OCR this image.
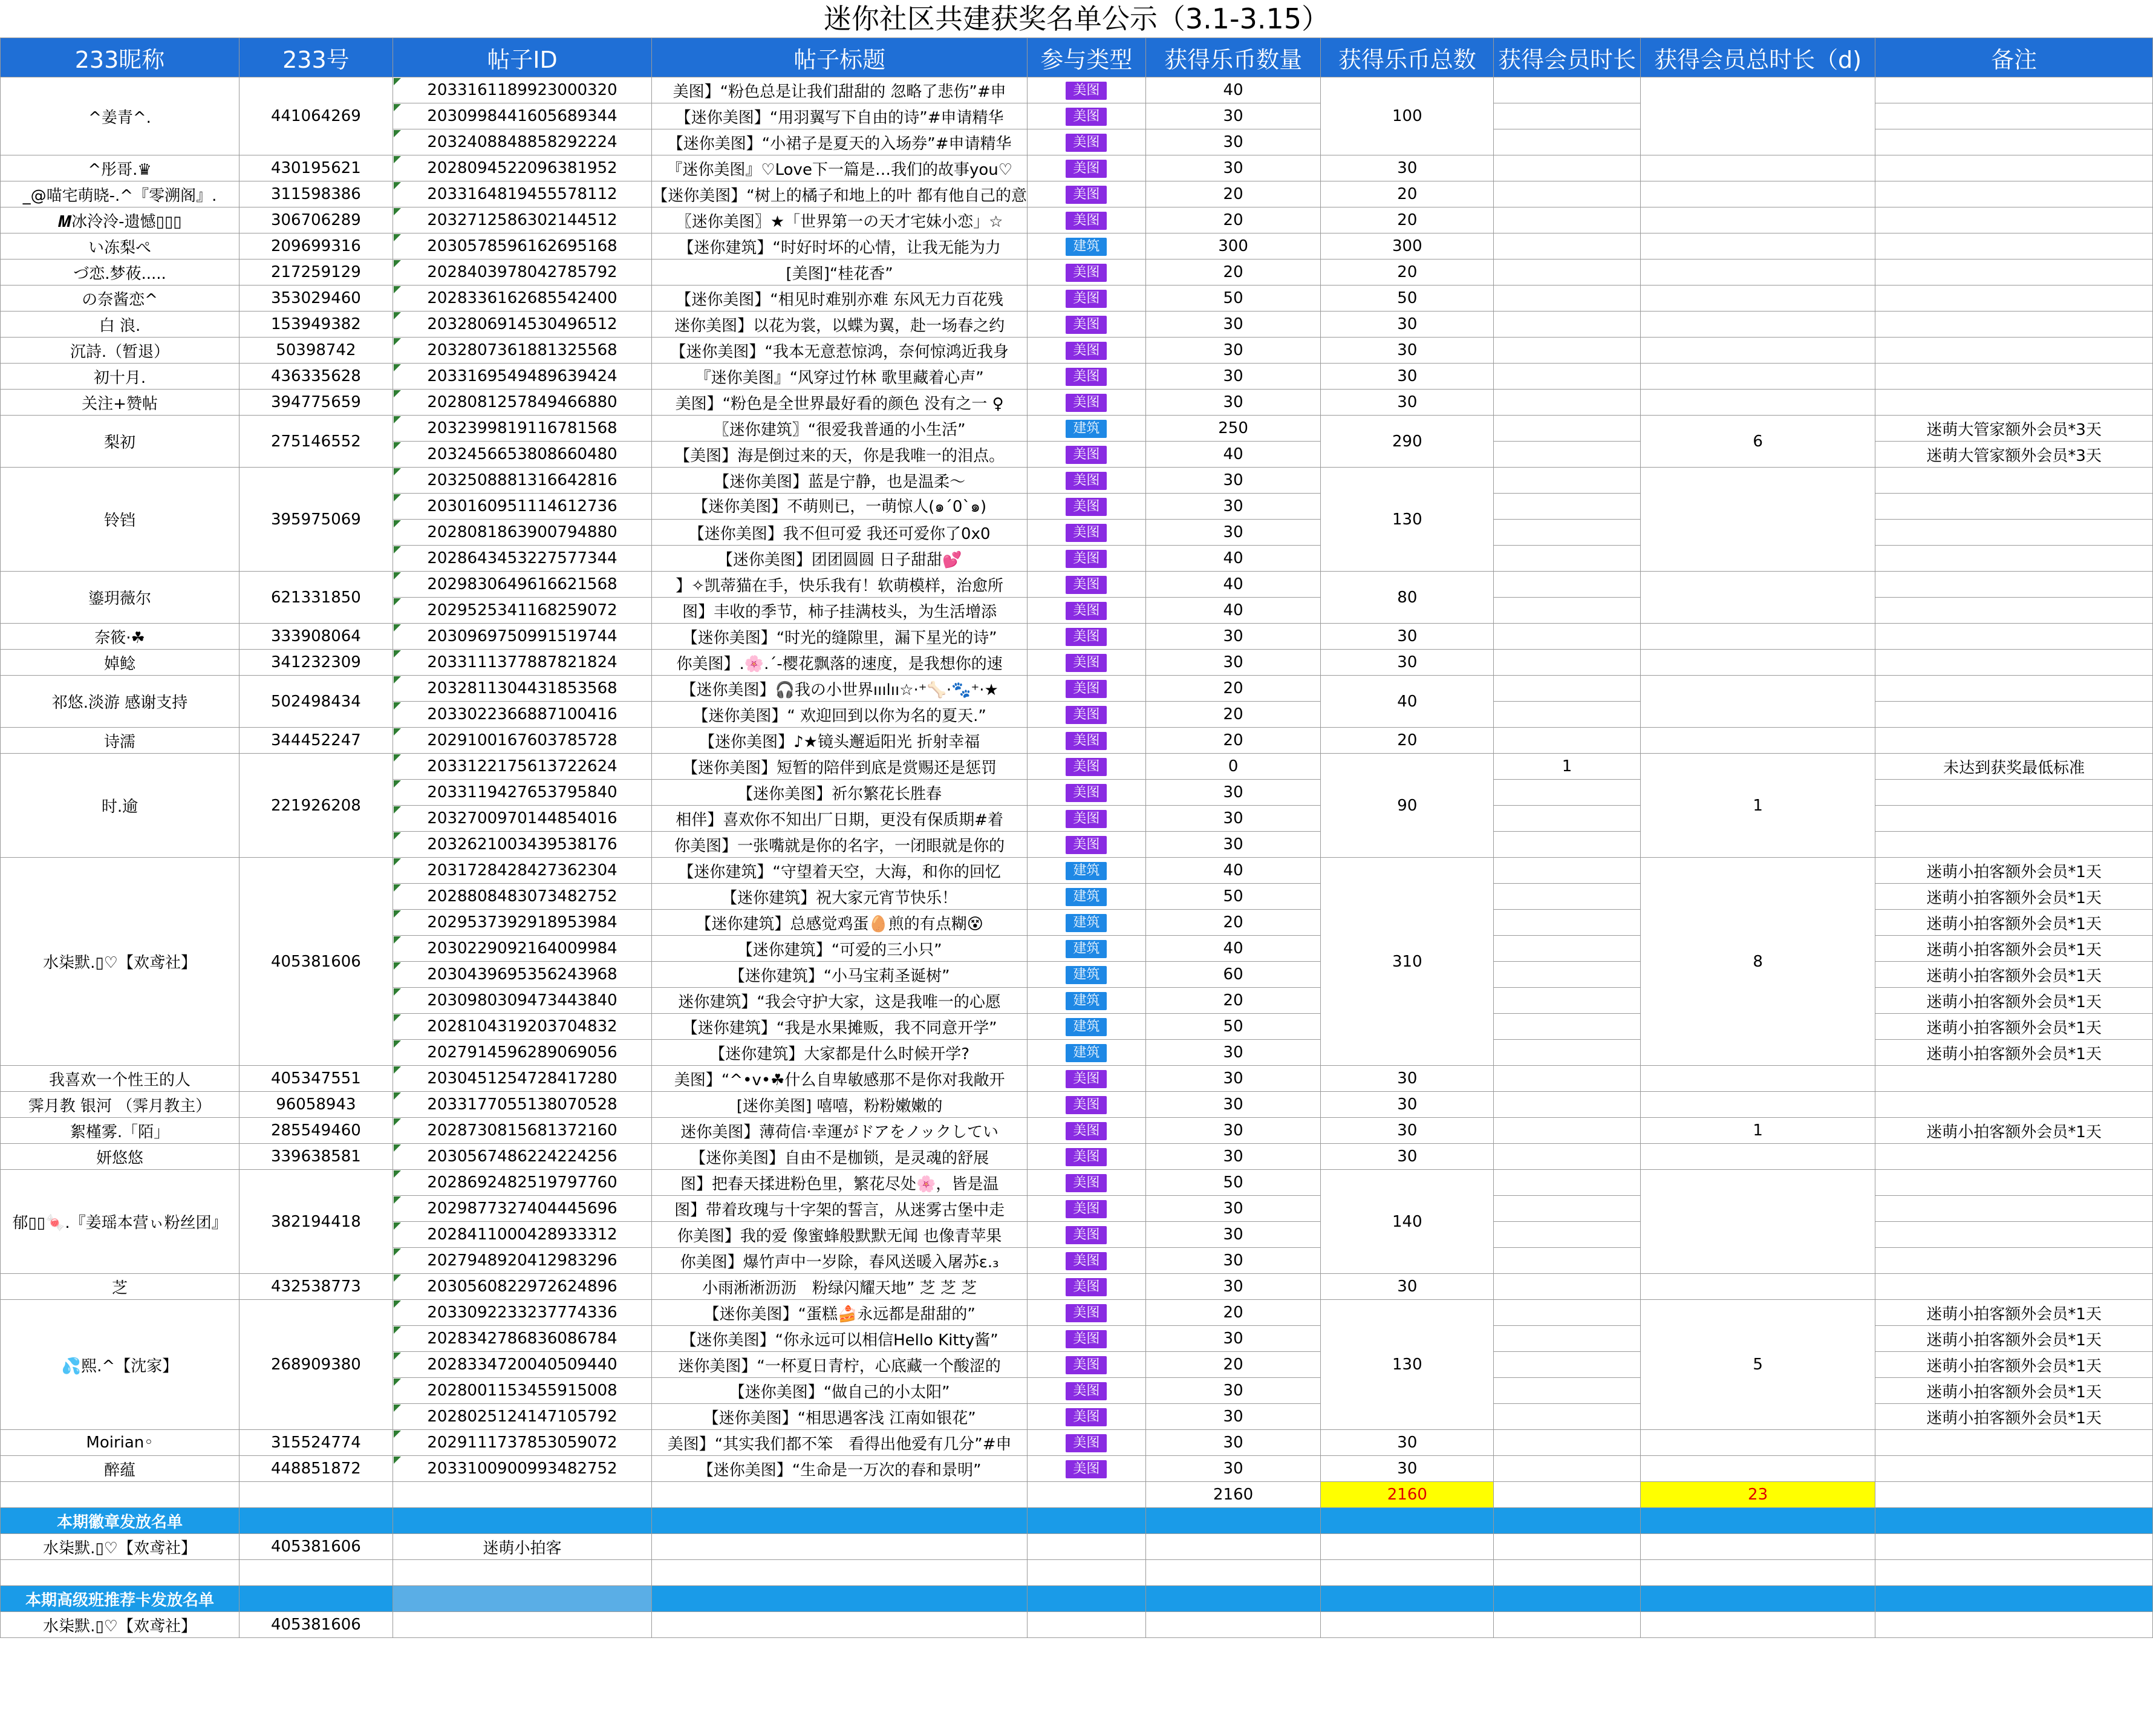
迷你社区共建获奖名单公示（3.1-3.15）
233昵称	233号	帖子ID	帖子标题	参与类型	获得乐币数量	获得乐币总数	获得会员时长	获得会员总时长（d)	备注
^姜青^.	441064269	2033161189923000320	美图】“粉色总是让我们甜甜的 忽略了悲伤”#申	美图	40	100			
		2030998441605689344	【迷你美图】“用羽翼写下自由的诗”#申请精华	美图	30				
		2032408848858292224	【迷你美图】“小裙子是夏天的入场券”#申请精华	美图	30				
^彤哥.♛	430195621	2028094522096381952	『迷你美图』♡Love下一篇是…我们的故事you♡	美图	30	30			
_@喵宅萌晓-.^『零溯阁』.	311598386	2033164819455578112	【迷你美图】“树上的橘子和地上的叶 都有他自己的意	美图	20	20			
𝑴冰泠泠-遗憾▯▯▯	306706289	2032712586302144512	〖迷你美图〗★「世界第一の天才宅妹小恋」☆	美图	20	20			
い冻梨ぺ	209699316	2030578596162695168	【迷你建筑】“时好时坏的心情，让我无能为力	建筑	300	300			
づ恋.梦莜.....	217259129	2028403978042785792	[美图]“桂花香”	美图	20	20			
の奈酱恋^	353029460	2028336162685542400	【迷你美图】“相见时难别亦难 东风无力百花残	美图	50	50			
白 浪.	153949382	2032806914530496512	迷你美图】以花为裳，以蝶为翼，赴一场春之约	美图	30	30			
沉詩.（暂退）	50398742	2032807361881325568	【迷你美图】“我本无意惹惊鸿，奈何惊鸿近我身	美图	30	30			
初十月.	436335628	2033169549489639424	『迷你美图』“风穿过竹林 歌里藏着心声”	美图	30	30			
关注+赞帖	394775659	2028081257849466880	美图】“粉色是全世界最好看的颜色 没有之一 ♀	美图	30	30			
梨初	275146552	2032399819116781568	〖迷你建筑〗“很爱我普通的小生活”	建筑	250	290		6	迷萌大管家额外会员*3天
		2032456653808660480	【美图】海是倒过来的天，你是我唯一的泪点。	美图	40				迷萌大管家额外会员*3天
铃铛	395975069	2032508881316642816	【迷你美图】蓝是宁静，也是温柔～	美图	30	130			
		2030160951114612736	【迷你美图】不萌则已，一萌惊人(๑´0`๑)	美图	30				
		2028081863900794880	【迷你美图】我不但可爱 我还可爱你了0x0	美图	30				
		2028643453227577344	【迷你美图】团团圆圆 日子甜甜💕	美图	40				
鎏玥薇尔	621331850	2029830649616621568	】✧凯蒂猫在手，快乐我有！软萌模样，治愈所	美图	40	80			
		2029525341168259072	图】丰收的季节，柿子挂满枝头，为生活增添	美图	40				
奈筱·☘	333908064	2030969750991519744	【迷你美图】“时光的缝隙里，漏下星光的诗”	美图	30	30			
婥鲶	341232309	2033111377887821824	你美图】.🌸.´-樱花飘落的速度，是我想你的速	美图	30	30			
祁悠.淡游 感谢支持	502498434	2032811304431853568	【迷你美图】🎧我の小世界ııılıı☆·⁺🦴·🐾⁺·★	美图	20	40			
		2033022366887100416	【迷你美图】“ 欢迎回到以你为名的夏天.”	美图	20				
诗濡	344452247	2029100167603785728	【迷你美图】♪★镜头邂逅阳光 折射幸福	美图	20	20			
时.逾	221926208	2033122175613722624	【迷你美图】短暂的陪伴到底是赏赐还是惩罚	美图	0	90	1	1	未达到获奖最低标准
		2033119427653795840	【迷你美图】祈尔繁花长胜春	美图	30				
		2032700970144854016	相伴】喜欢你不知出厂日期，更没有保质期#着	美图	30				
		2032621003439538176	你美图】一张嘴就是你的名字，一闭眼就是你的	美图	30				
水柒默.▯♡【欢鸢社】	405381606	2031728428427362304	【迷你建筑】“守望着天空，大海，和你的回忆	建筑	40	310		8	迷萌小拍客额外会员*1天
		2028808483073482752	【迷你建筑】祝大家元宵节快乐！	建筑	50				迷萌小拍客额外会员*1天
		2029537392918953984	【迷你建筑】总感觉鸡蛋🥚煎的有点糊😵	建筑	20				迷萌小拍客额外会员*1天
		2030229092164009984	【迷你建筑】“可爱的三小只”	建筑	40				迷萌小拍客额外会员*1天
		2030439695356243968	【迷你建筑】“小马宝莉圣诞树”	建筑	60				迷萌小拍客额外会员*1天
		2030980309473443840	迷你建筑】“我会守护大家，这是我唯一的心愿	建筑	20				迷萌小拍客额外会员*1天
		2028104319203704832	【迷你建筑】“我是水果摊贩，我不同意开学”	建筑	50				迷萌小拍客额外会员*1天
		2027914596289069056	【迷你建筑】大家都是什么时候开学?	建筑	30				迷萌小拍客额外会员*1天
我喜欢一个性王的人	405347551	2030451254728417280	美图】“^•v•☘什么自卑敏感那不是你对我敞开	美图	30	30			
霁月教 银河 （霁月教主）	96058943	2033177055138070528	[迷你美图] 嘻嘻，粉粉嫩嫩的	美图	30	30			
絮槿雾.「陌」	285549460	2028730815681372160	迷你美图】薄荷信·幸運がドアをノックしてい	美图	30	30		1	迷萌小拍客额外会员*1天
妍悠悠	339638581	2030567486224224256	【迷你美图】自由不是枷锁，是灵魂的舒展	美图	30	30			
郁▯▯🍬.『姜瑶本营ぃ粉丝团』	382194418	2028692482519797760	图】把春天揉进粉色里，繁花尽处🌸，皆是温	美图	50	140			
		2029877327404445696	图】带着玫瑰与十字架的誓言，从迷雾古堡中走	美图	30				
		2028411000428933312	你美图】我的爱 像蜜蜂般默默无闻 也像青苹果	美图	30				
		2027948920412983296	你美图】爆竹声中一岁除，春风送暖入屠苏ε.₃	美图	30				
芝	432538773	2030560822972624896	小雨淅淅沥沥　粉绿闪耀天地” 芝 芝 芝	美图	30	30			
💦熙.^【沈家】	268909380	2033092233237774336	【迷你美图】“蛋糕🍰永远都是甜甜的”	美图	20	130		5	迷萌小拍客额外会员*1天
		2028342786836086784	【迷你美图】“你永远可以相信Hello Kitty酱”	美图	30				迷萌小拍客额外会员*1天
		2028334720040509440	迷你美图】“一杯夏日青柠，心底藏一个酸涩的	美图	20				迷萌小拍客额外会员*1天
		2028001153455915008	【迷你美图】“做自己的小太阳”	美图	30				迷萌小拍客额外会员*1天
		2028025124147105792	【迷你美图】“相思遇客浅 江南如银花”	美图	30				迷萌小拍客额外会员*1天
Moirian◦	315524774	2029111737853059072	美图】“其实我们都不笨　看得出他爱有几分”#申	美图	30	30			
醉蕴	448851872	2033100900993482752	【迷你美图】“生命是一万次的春和景明”	美图	30	30			
					2160	2160		23	
本期徽章发放名单									
水柒默.▯♡【欢鸢社】	405381606	迷萌小拍客							

本期高级班推荐卡发放名单									
水柒默.▯♡【欢鸢社】	405381606								
